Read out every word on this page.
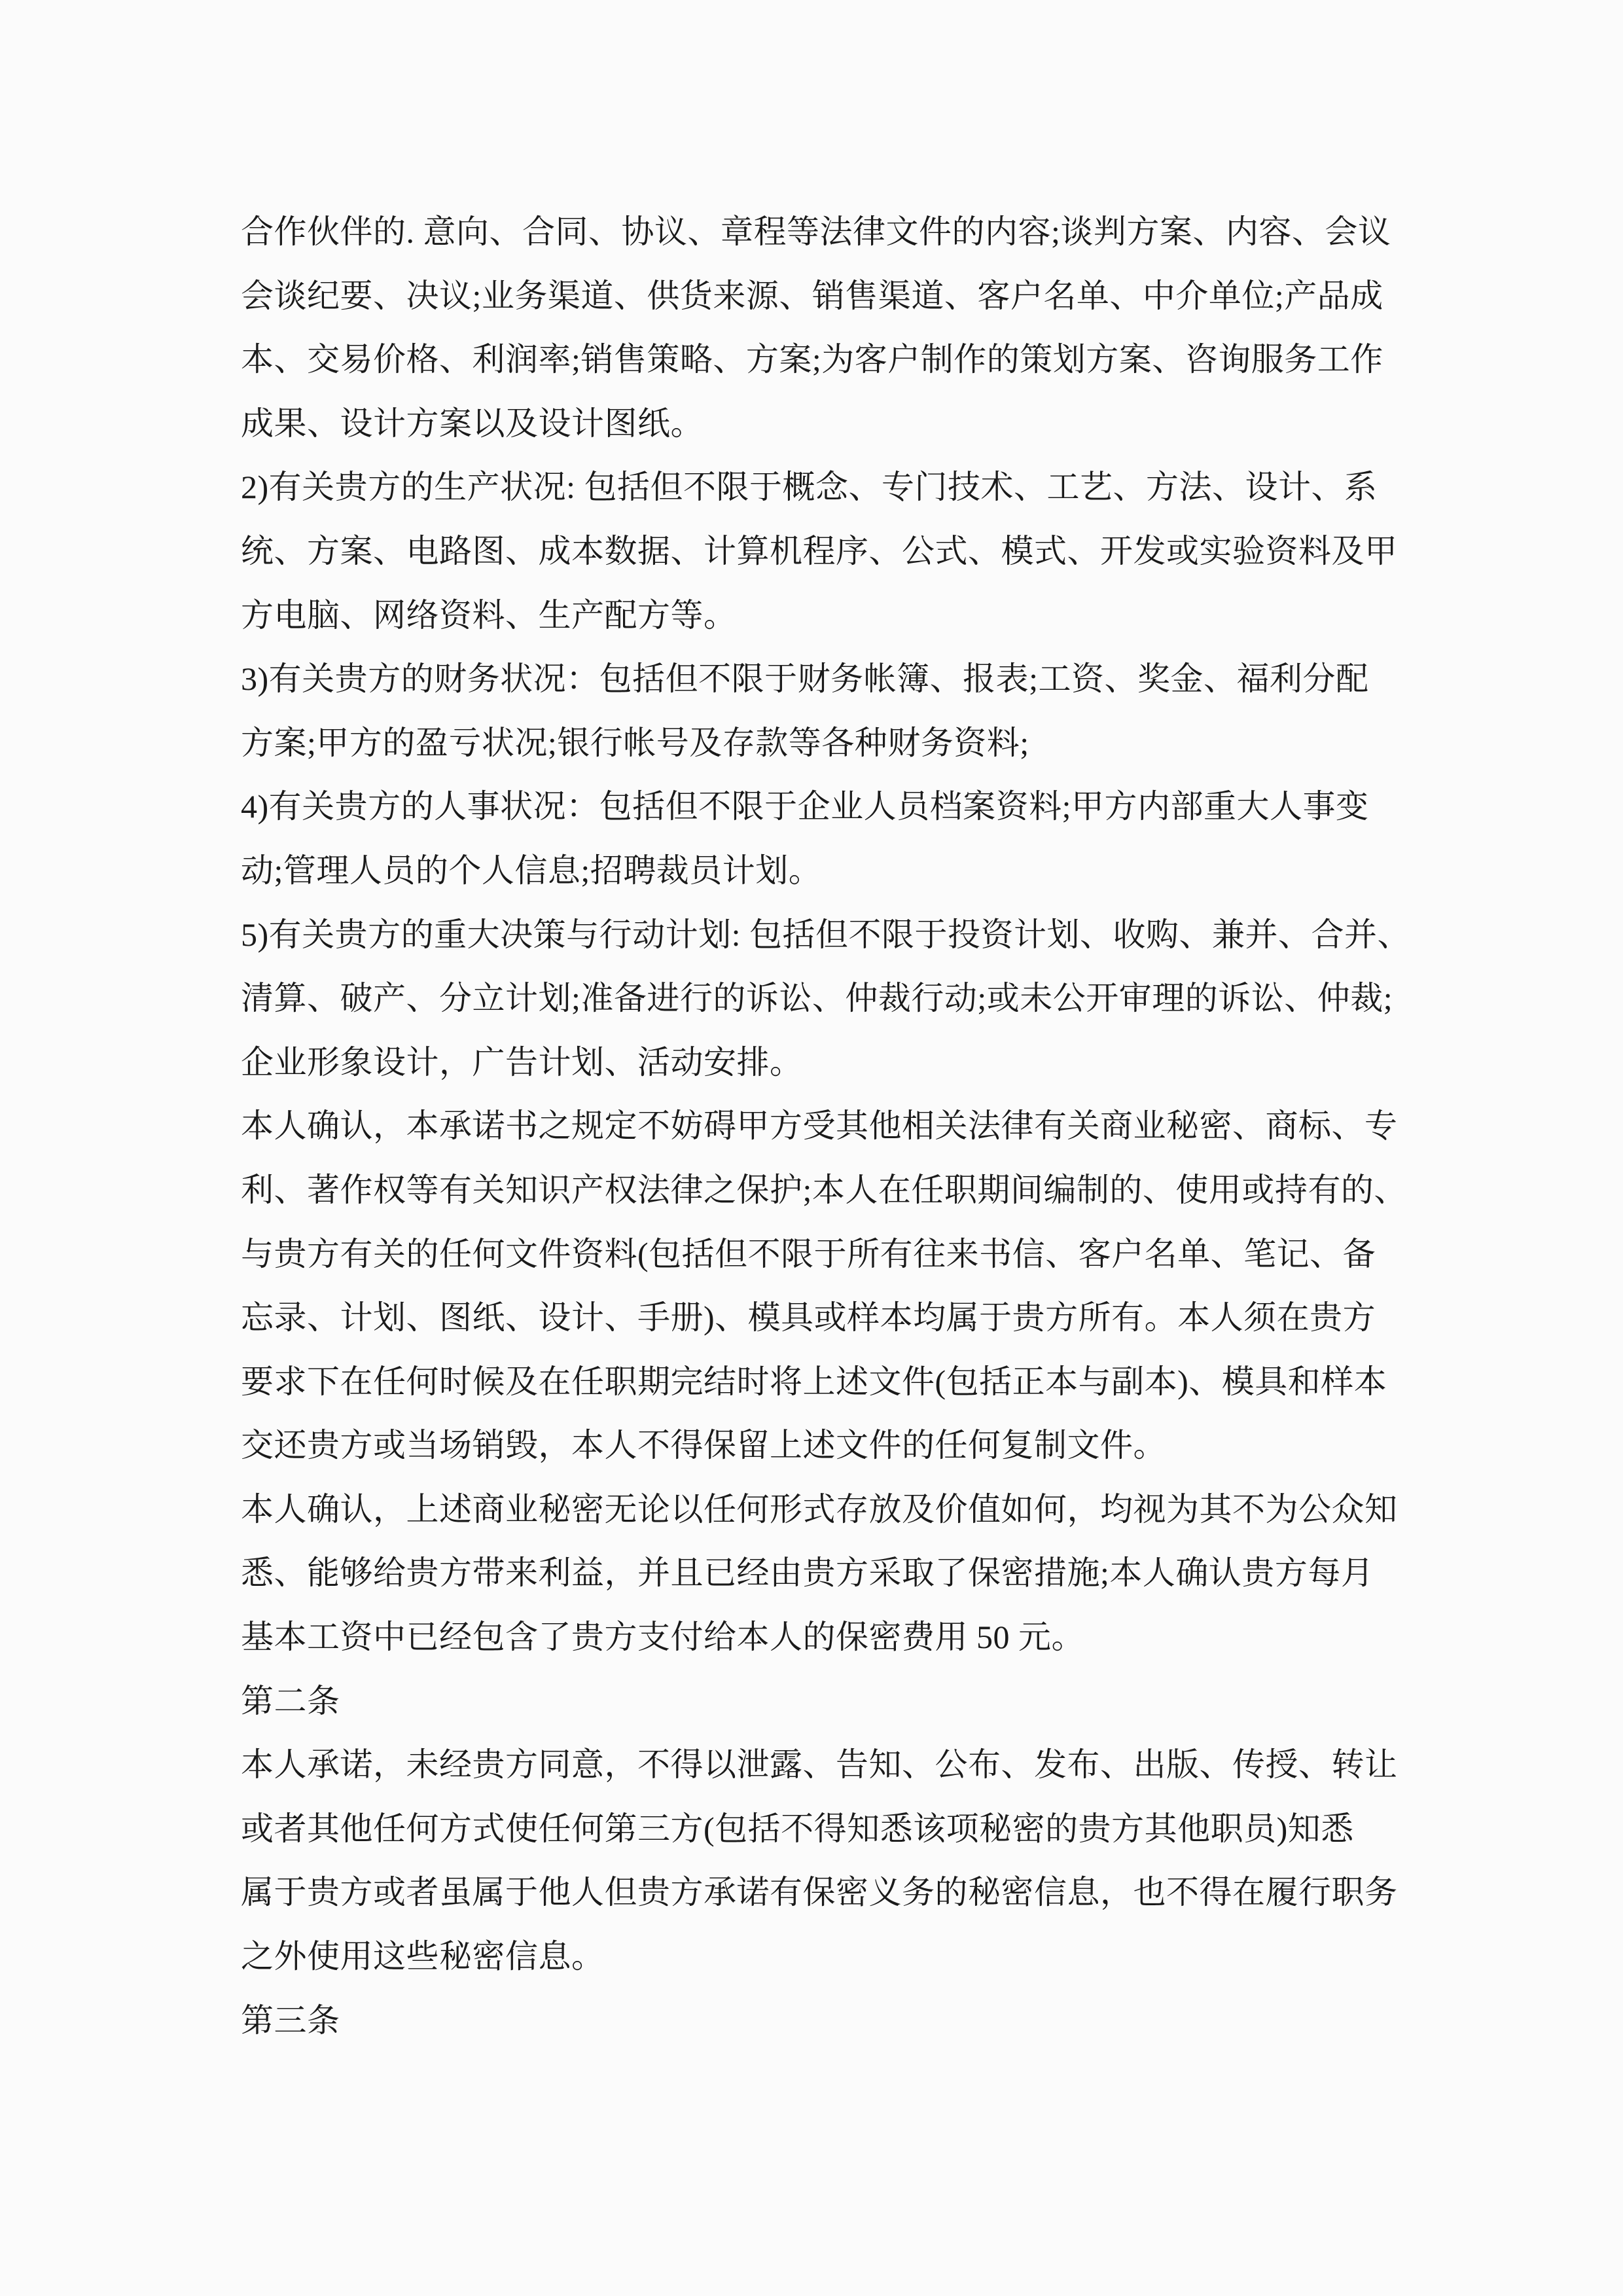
合作伙伴的. 意向、合同、协议、章程等法律文件的内容;谈判方案、内容、会议
会谈纪要、决议;业务渠道、供货来源、销售渠道、客户名单、中介单位;产品成
本、交易价格、利润率;销售策略、方案;为客户制作的策划方案、咨询服务工作
成果、设计方案以及设计图纸。
2)有关贵方的生产状况: 包括但不限于概念、专门技术、工艺、方法、设计、系
统、方案、电路图、成本数据、计算机程序、公式、模式、开发或实验资料及甲
方电脑、网络资料、生产配方等。
3)有关贵方的财务状况：包括但不限于财务帐簿、报表;工资、奖金、福利分配
方案;甲方的盈亏状况;银行帐号及存款等各种财务资料;
4)有关贵方的人事状况：包括但不限于企业人员档案资料;甲方内部重大人事变
动;管理人员的个人信息;招聘裁员计划。
5)有关贵方的重大决策与行动计划: 包括但不限于投资计划、收购、兼并、合并、
清算、破产、分立计划;准备进行的诉讼、仲裁行动;或未公开审理的诉讼、仲裁;
企业形象设计，广告计划、活动安排。
本人确认，本承诺书之规定不妨碍甲方受其他相关法律有关商业秘密、商标、专
利、著作权等有关知识产权法律之保护;本人在任职期间编制的、使用或持有的、
与贵方有关的任何文件资料(包括但不限于所有往来书信、客户名单、笔记、备
忘录、计划、图纸、设计、手册)、模具或样本均属于贵方所有。本人须在贵方
要求下在任何时候及在任职期完结时将上述文件(包括正本与副本)、模具和样本
交还贵方或当场销毁，本人不得保留上述文件的任何复制文件。
本人确认，上述商业秘密无论以任何形式存放及价值如何，均视为其不为公众知
悉、能够给贵方带来利益，并且已经由贵方采取了保密措施;本人确认贵方每月
基本工资中已经包含了贵方支付给本人的保密费用 50 元。
第二条
本人承诺，未经贵方同意，不得以泄露、告知、公布、发布、出版、传授、转让
或者其他任何方式使任何第三方(包括不得知悉该项秘密的贵方其他职员)知悉
属于贵方或者虽属于他人但贵方承诺有保密义务的秘密信息，也不得在履行职务
之外使用这些秘密信息。
第三条
